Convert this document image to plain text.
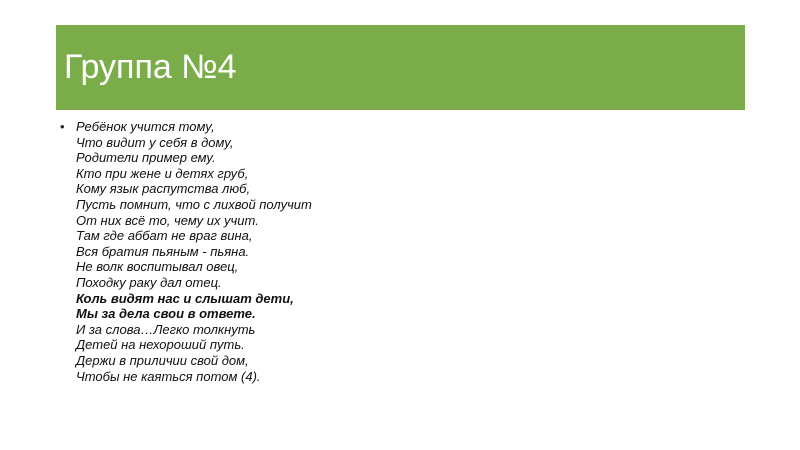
Группа №4
• Ребёнок учится тому,
Что видит у себя в дому,
Родители пример ему.
Кто при жене и детях груб,
Кому язык распутства люб,
Пусть помнит, что с лихвой получит
От них всё то, чему их учит.
Там где аббат не враг вина,
Вся братия пьяным - пьяна.
Не волк воспитывал овец,
Походку раку дал отец.
Коль видят нас и слышат дети,
Мы за дела свои в ответе.
И за слова…Легко толкнуть
Детей на нехороший путь.
Держи в приличии свой дом,
Чтобы не каяться потом (4).
